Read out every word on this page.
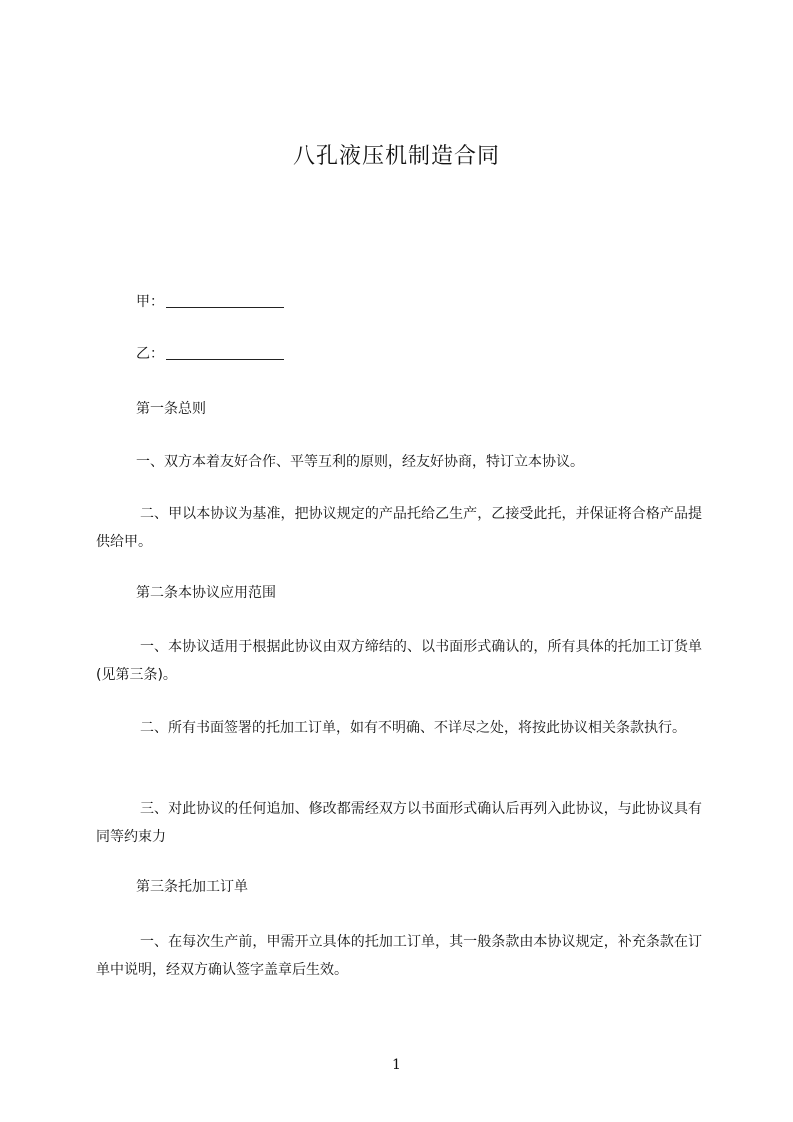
八孔液压机制造合同
甲：
乙：
第一条总则
一、双方本着友好合作、平等互利的原则，经友好协商，特订立本协议。
二、甲以本协议为基准，把协议规定的产品托给乙生产，乙接受此托，并保证将合格产品提供给甲。
第二条本协议应用范围
一、本协议适用于根据此协议由双方缔结的、以书面形式确认的，所有具体的托加工订货单(见第三条)。
二、所有书面签署的托加工订单，如有不明确、不详尽之处，将按此协议相关条款执行。
三、对此协议的任何追加、修改都需经双方以书面形式确认后再列入此协议，与此协议具有同等约束力
第三条托加工订单
一、在每次生产前，甲需开立具体的托加工订单，其一般条款由本协议规定，补充条款在订单中说明，经双方确认签字盖章后生效。
1
